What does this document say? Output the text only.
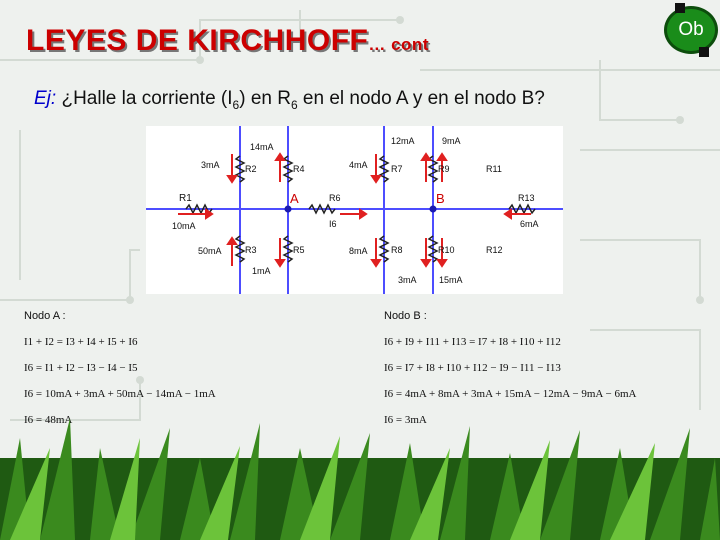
LEYES DE KIRCHHOFF… cont
Ob
Ej: ¿Halle la corriente $(I_6)$ en $R_6$ en el nodo A y en el nodo B?
A	B
R1
R2
R3
R4
R5
R6
R7
R8
R9
R10
R11
R12
R13
10mA
3mA
50mA
14mA
1mA
I6
4mA
8mA
9mA
15mA
12mA
3mA
6mA
Nodo A :
I1 + I2 = I3 + I4 + I5 + I6
I6 = I1 + I2 − I3 − I4 − I5
I6 = 10mA + 3mA + 50mA − 14mA − 1mA
I6 = 48mA
Nodo B :
I6 + I9 + I11 + I13 = I7 + I8 + I10 + I12
I6 = I7 + I8 + I10 + I12 − I9 − I11 − I13
I6 = 4mA + 8mA + 3mA + 15mA − 12mA − 9mA − 6mA
I6 = 3mA
